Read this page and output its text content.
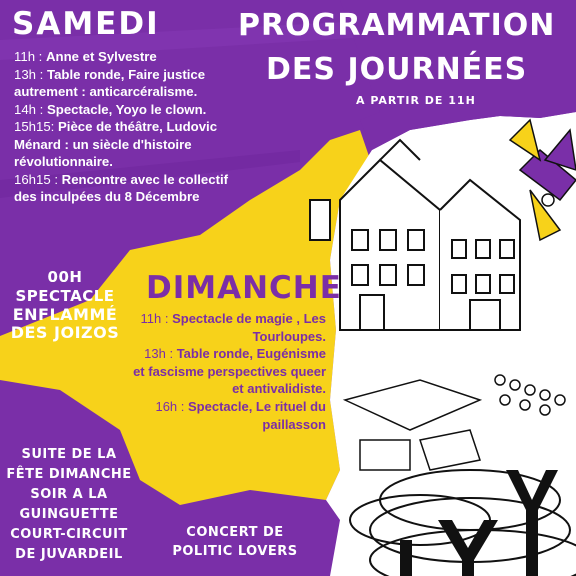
SAMEDI	PROGRAMMATION
DES JOURNÉES
A PARTIR DE 11H
11h : Anne et Sylvestre
13h : Table ronde, Faire justice autrement : anticarcéralisme.
14h : Spectacle, Yoyo le clown.
15h15: Pièce de théâtre, Ludovic Ménard : un siècle d'histoire révolutionnaire.
16h15 : Rencontre avec le collectif des inculpées du 8 Décembre
00H
SPECTACLE
ENFLAMMÉ
DES JOIZOS
DIMANCHE
11h : Spectacle de magie , Les Tourloupes.
13h : Table ronde, Eugénisme et fascisme perspectives queer et antivalidiste.
16h : Spectacle, Le rituel du paillasson
SUITE DE LA
FÊTE DIMANCHE
SOIR A LA
GUINGUETTE
COURT-CIRCUIT
DE JUVARDEIL
CONCERT DE
POLITIC LOVERS
